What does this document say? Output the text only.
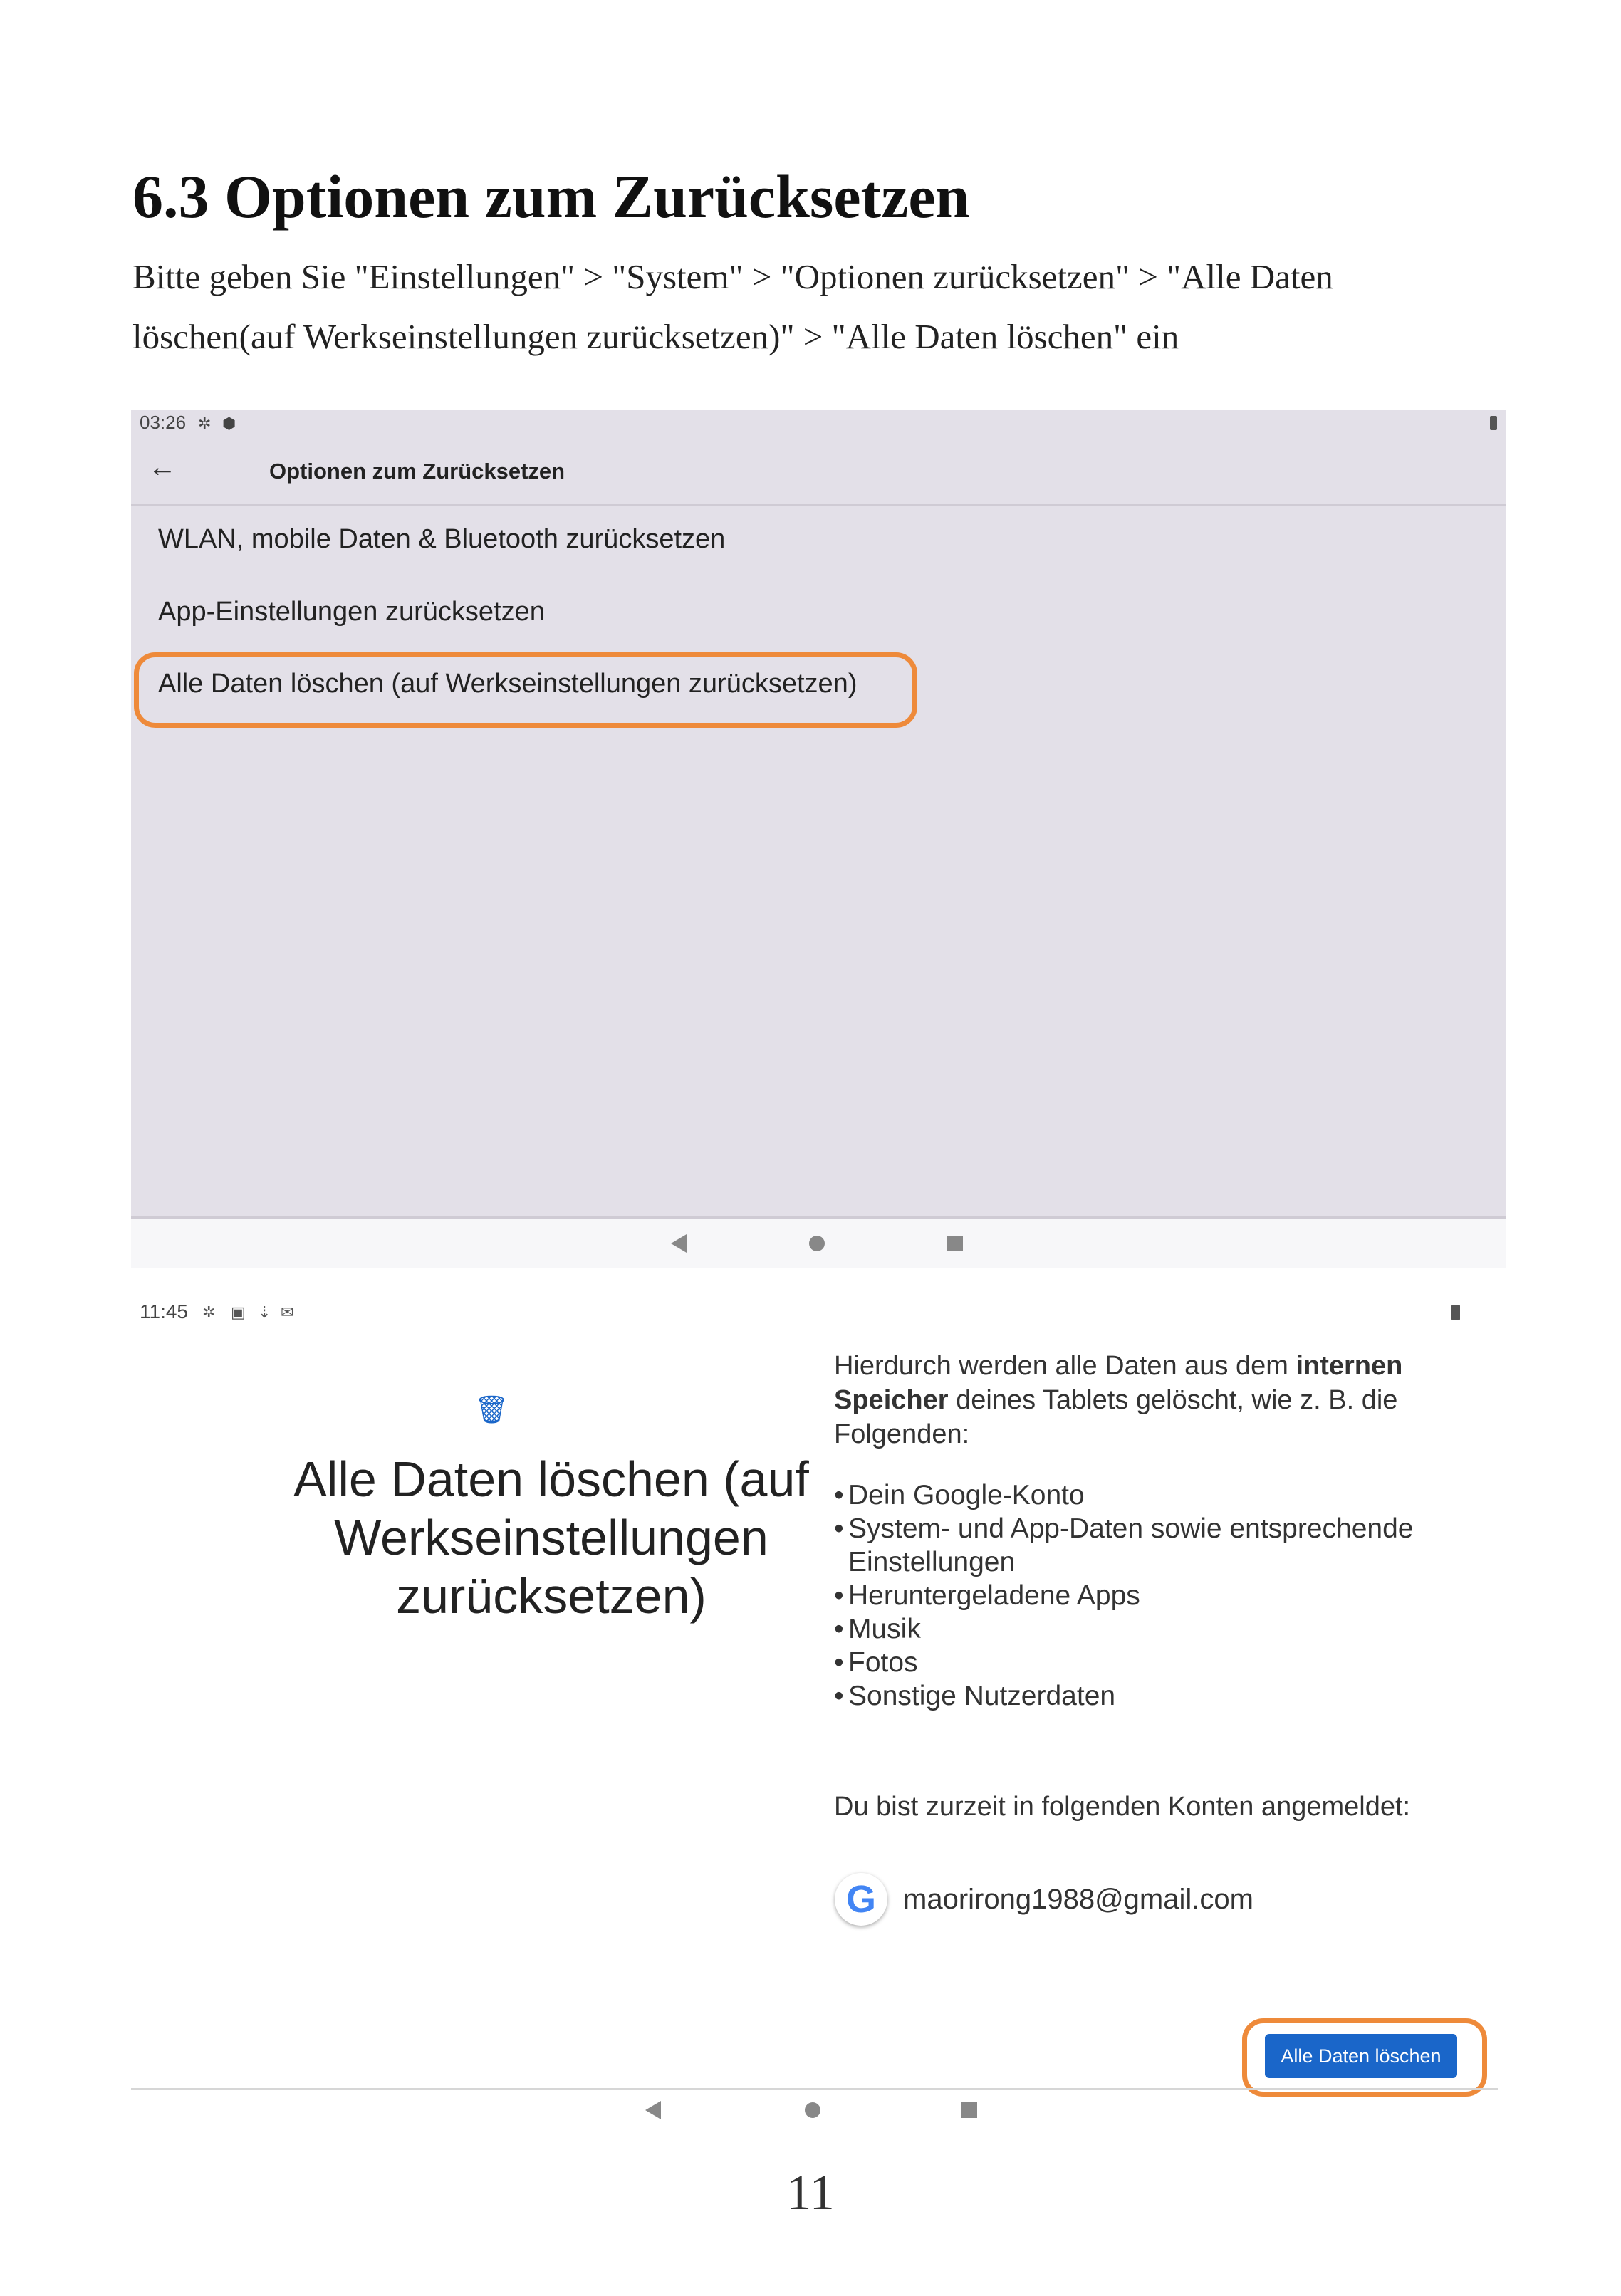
6.3 Optionen zum Zurücksetzen
Bitte geben Sie "Einstellungen" > "System" > "Optionen zurücksetzen" > "Alle Daten
löschen(auf Werkseinstellungen zurücksetzen)" > "Alle Daten löschen" ein
03:26 ✲ ⬢
←	Optionen zum Zurücksetzen
WLAN, mobile Daten & Bluetooth zurücksetzen
App-Einstellungen zurücksetzen
Alle Daten löschen (auf Werkseinstellungen zurücksetzen)
11:45 ✲ ▣ ⇣ ✉
🗑
Alle Daten löschen (auf Werkseinstellungen zurücksetzen)
Hierdurch werden alle Daten aus dem internen Speicher deines Tablets gelöscht, wie z. B. die Folgenden:
• Dein Google-Konto
• System- und App-Daten sowie entsprechende Einstellungen
• Heruntergeladene Apps
• Musik
• Fotos
• Sonstige Nutzerdaten
Du bist zurzeit in folgenden Konten angemeldet:
G maorirong1988@gmail.com
Alle Daten löschen
11
